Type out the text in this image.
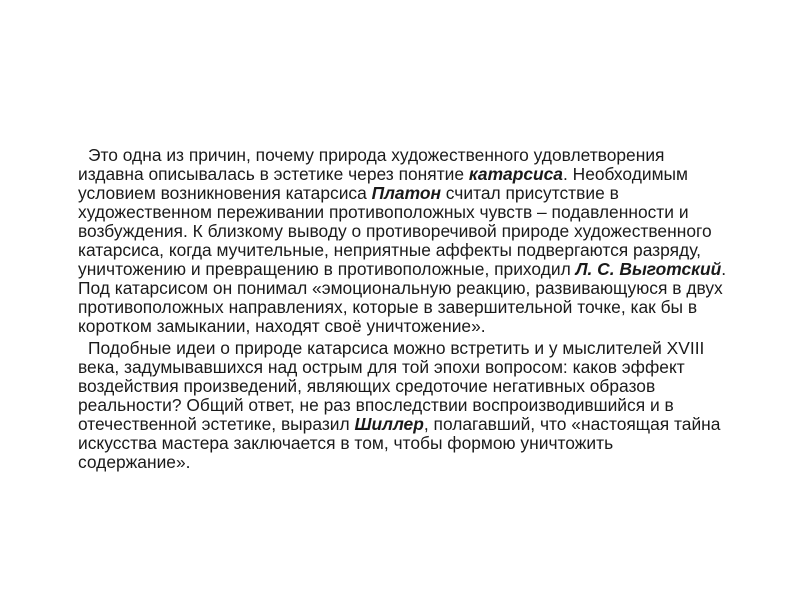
Это одна из причин, почему природа художественного удовлетворения издавна описывалась в эстетике через понятие катарсиса. Необходимым условием возникновения катарсиса Платон считал присутствие в художественном переживании противоположных чувств – подавленности и возбуждения. К близкому выводу о противоречивой природе художественного катарсиса, когда мучительные, неприятные аффекты подвергаются разряду, уничтожению и превращению в противоположные, приходил Л. С. Выготский. Под катарсисом он понимал «эмоциональную реакцию, развивающуюся в двух противоположных направлениях, которые в завершительной точке, как бы в коротком замыкании, находят своё уничтожение».

Подобные идеи о природе катарсиса можно встретить и у мыслителей XVIII века, задумывавшихся над острым для той эпохи вопросом: каков эффект воздействия произведений, являющих средоточие негативных образов реальности? Общий ответ, не раз впоследствии воспроизводившийся и в отечественной эстетике, выразил Шиллер, полагавший, что «настоящая тайна искусства мастера заключается в том, чтобы формою уничтожить содержание».
